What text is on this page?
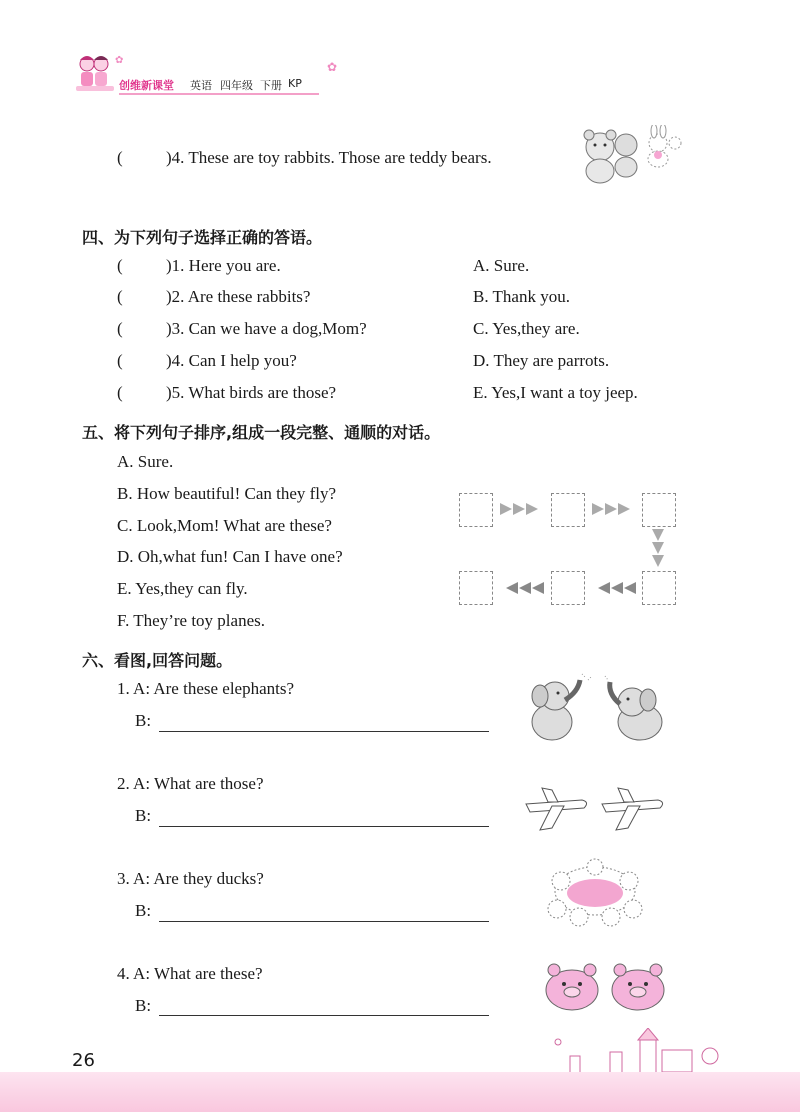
创维新课堂 英语 四年级 下册 KP
✿
✿
(	)4. These are toy rabbits. Those are teddy bears.
四、为下列句子选择正确的答语。
(	)1. Here you are.	A. Sure.
(	)2. Are these rabbits?	B. Thank you.
(	)3. Can we have a dog,Mom?	C. Yes,they are.
(	)4. Can I help you?	D. They are parrots.
(	)5. What birds are those?	E. Yes,I want a toy jeep.
五、将下列句子排序,组成一段完整、通顺的对话。
A. Sure.
B. How beautiful! Can they fly?
C. Look,Mom! What are these?
D. Oh,what fun! Can I have one?
E. Yes,they can fly.
F. They’re toy planes.
六、看图,回答问题。
1. A: Are these elephants?
B:
2. A: What are those?
B:
3. A: Are they ducks?
B:
4. A: What are these?
B:
26
